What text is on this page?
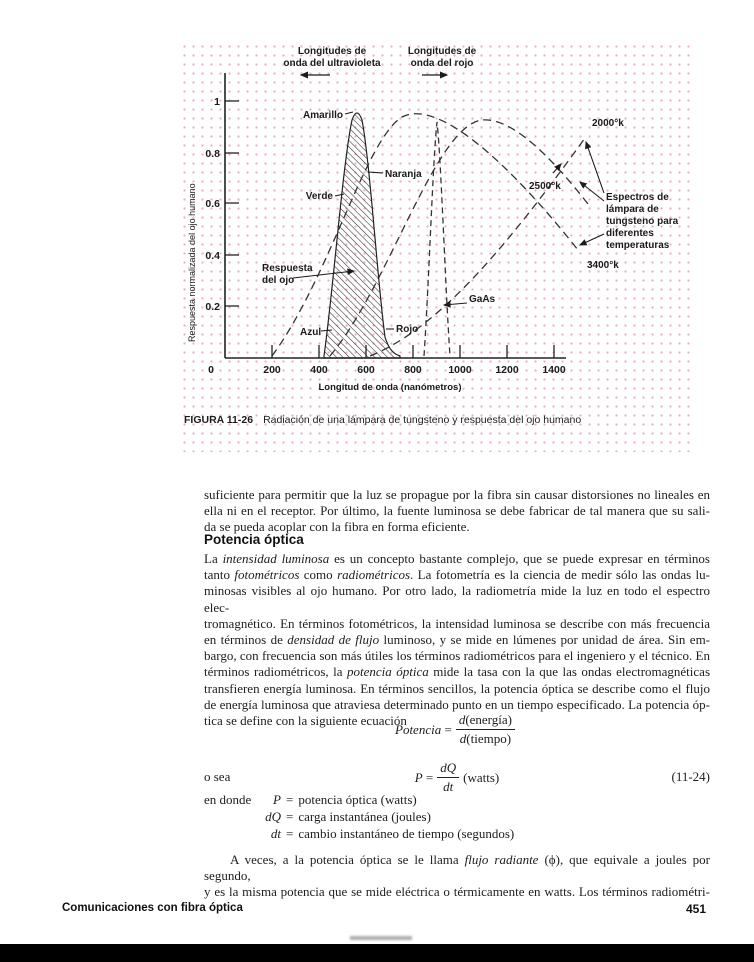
1
0.8
0.6
0.4
0.2
0	200	400	600	800	1000 1200 1400
Longitud de onda (nanómetros)
Respuesta normalizada del ojo humano
Longitudes de
onda del ultravioleta
Longitudes de
onda del rojo
Amarillo
Naranja
Verde
Respuesta
del ojo
Azul	Rojo
GaAs
2000°k
2500°k
3400°k
Espectros de
lámpara de
tungsteno para
diferentes
temperaturas
FIGURA 11-26 Radiación de una lámpara de tungsteno y respuesta del ojo humano
suficiente para permitir que la luz se propague por la fibra sin causar distorsiones no lineales en
ella ni en el receptor. Por último, la fuente luminosa se debe fabricar de tal manera que su sali-
da se pueda acoplar con la fibra en forma eficiente.
Potencia óptica
La intensidad luminosa es un concepto bastante complejo, que se puede expresar en términos
tanto fotométricos como radiométricos. La fotometría es la ciencia de medir sólo las ondas lu-
minosas visibles al ojo humano. Por otro lado, la radiometría mide la luz en todo el espectro elec-
tromagnético. En términos fotométricos, la intensidad luminosa se describe con más frecuencia
en términos de densidad de flujo luminoso, y se mide en lúmenes por unidad de área. Sin em-
bargo, con frecuencia son más útiles los términos radiométricos para el ingeniero y el técnico. En
términos radiométricos, la potencia óptica mide la tasa con la que las ondas electromagnéticas
transfieren energía luminosa. En términos sencillos, la potencia óptica se describe como el flujo
de energía luminosa que atraviesa determinado punto en un tiempo especificado. La potencia óp-
tica se define con la siguiente ecuación
Potencia = $\frac{\text{d(energía)}}{\text{d(tiempo)}}$
o sea	$P = \frac{dQ}{dt}$ (watts)	(11-24)
en donde	P = potencia óptica (watts)
dQ = carga instantánea (joules)
dt = cambio instantáneo de tiempo (segundos)
A veces, a la potencia óptica se le llama flujo radiante (ϕ), que equivale a joules por segundo,
y es la misma potencia que se mide eléctrica o térmicamente en watts. Los términos radiométri-
Comunicaciones con fibra óptica	451
